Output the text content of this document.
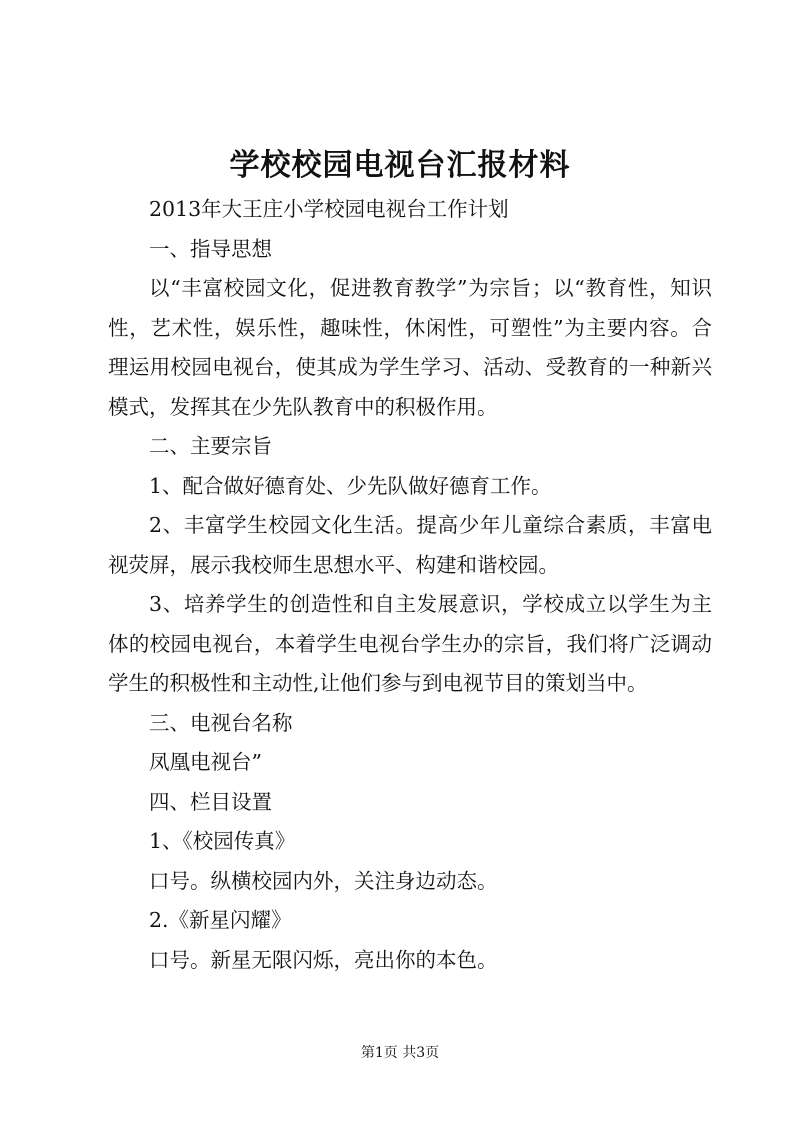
学校校园电视台汇报材料

2013年大王庄小学校园电视台工作计划

一、指导思想

以“丰富校园文化，促进教育教学”为宗旨；以“教育性，知识性，艺术性，娱乐性，趣味性，休闲性，可塑性”为主要内容。合理运用校园电视台，使其成为学生学习、活动、受教育的一种新兴模式，发挥其在少先队教育中的积极作用。

二、主要宗旨

1、配合做好德育处、少先队做好德育工作。

2、丰富学生校园文化生活。提高少年儿童综合素质，丰富电视荧屏，展示我校师生思想水平、构建和谐校园。

3、培养学生的创造性和自主发展意识，学校成立以学生为主体的校园电视台，本着学生电视台学生办的宗旨，我们将广泛调动学生的积极性和主动性,让他们参与到电视节目的策划当中。

三、电视台名称

凤凰电视台”

四、栏目设置

1、《校园传真》

口号。纵横校园内外，关注身边动态。

2.《新星闪耀》

口号。新星无限闪烁，亮出你的本色。

第1页 共3页
